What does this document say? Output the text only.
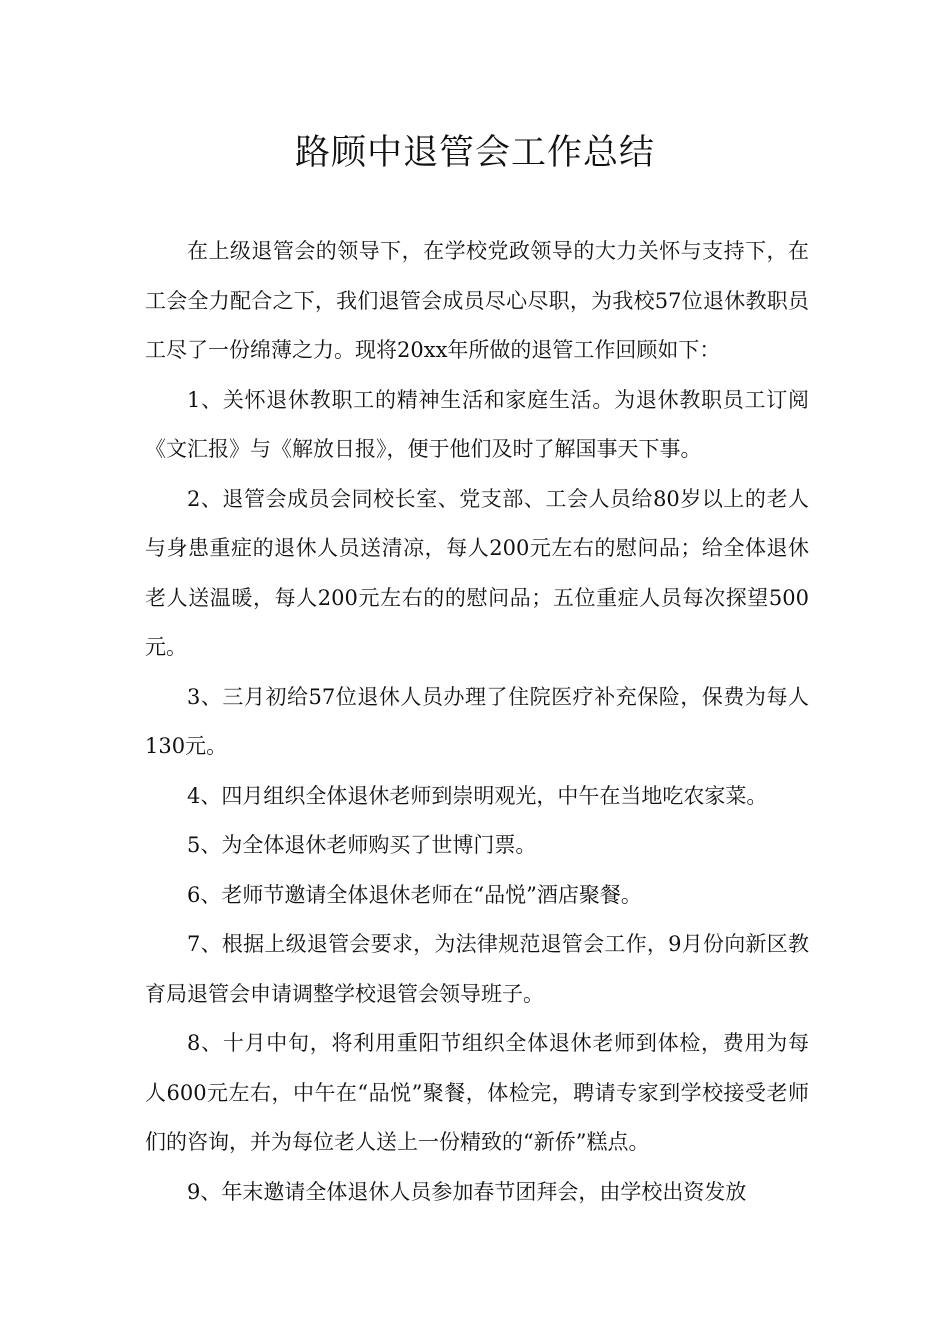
路顾中退管会工作总结

在上级退管会的领导下，在学校党政领导的大力关怀与支持下，在工会全力配合之下，我们退管会成员尽心尽职，为我校57位退休教职员工尽了一份绵薄之力。现将20xx年所做的退管工作回顾如下：

1、关怀退休教职工的精神生活和家庭生活。为退休教职员工订阅《文汇报》与《解放日报》，便于他们及时了解国事天下事。

2、退管会成员会同校长室、党支部、工会人员给80岁以上的老人与身患重症的退休人员送清凉，每人200元左右的慰问品；给全体退休老人送温暖，每人200元左右的的慰问品；五位重症人员每次探望500元。

3、三月初给57位退休人员办理了住院医疗补充保险，保费为每人130元。

4、四月组织全体退休老师到崇明观光，中午在当地吃农家菜。

5、为全体退休老师购买了世博门票。

6、老师节邀请全体退休老师在“品悦”酒店聚餐。

7、根据上级退管会要求，为法律规范退管会工作，9月份向新区教育局退管会申请调整学校退管会领导班子。

8、十月中旬，将利用重阳节组织全体退休老师到体检，费用为每人600元左右，中午在“品悦”聚餐，体检完，聘请专家到学校接受老师们的咨询，并为每位老人送上一份精致的“新侨”糕点。

9、年末邀请全体退休人员参加春节团拜会，由学校出资发放
